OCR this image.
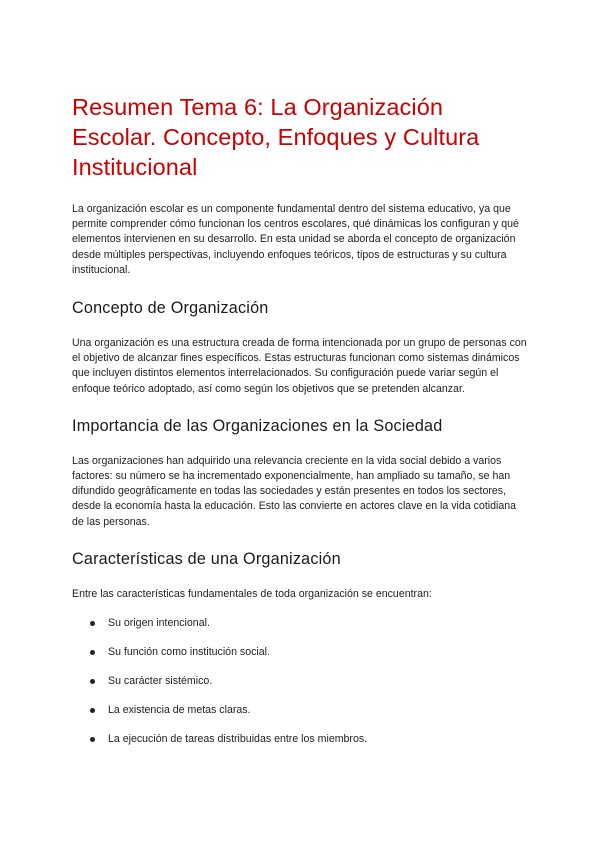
Resumen Tema 6: La Organización Escolar. Concepto, Enfoques y Cultura Institucional

La organización escolar es un componente fundamental dentro del sistema educativo, ya que permite comprender cómo funcionan los centros escolares, qué dinámicas los configuran y qué elementos intervienen en su desarrollo. En esta unidad se aborda el concepto de organización desde múltiples perspectivas, incluyendo enfoques teóricos, tipos de estructuras y su cultura institucional.

Concepto de Organización

Una organización es una estructura creada de forma intencionada por un grupo de personas con el objetivo de alcanzar fines específicos. Estas estructuras funcionan como sistemas dinámicos que incluyen distintos elementos interrelacionados. Su configuración puede variar según el enfoque teórico adoptado, así como según los objetivos que se pretenden alcanzar.

Importancia de las Organizaciones en la Sociedad

Las organizaciones han adquirido una relevancia creciente en la vida social debido a varios factores: su número se ha incrementado exponencialmente, han ampliado su tamaño, se han difundido geográficamente en todas las sociedades y están presentes en todos los sectores, desde la economía hasta la educación. Esto las convierte en actores clave en la vida cotidiana de las personas.

Características de una Organización

Entre las características fundamentales de toda organización se encuentran:

Su origen intencional.
Su función como institución social.
Su carácter sistémico.
La existencia de metas claras.
La ejecución de tareas distribuidas entre los miembros.
